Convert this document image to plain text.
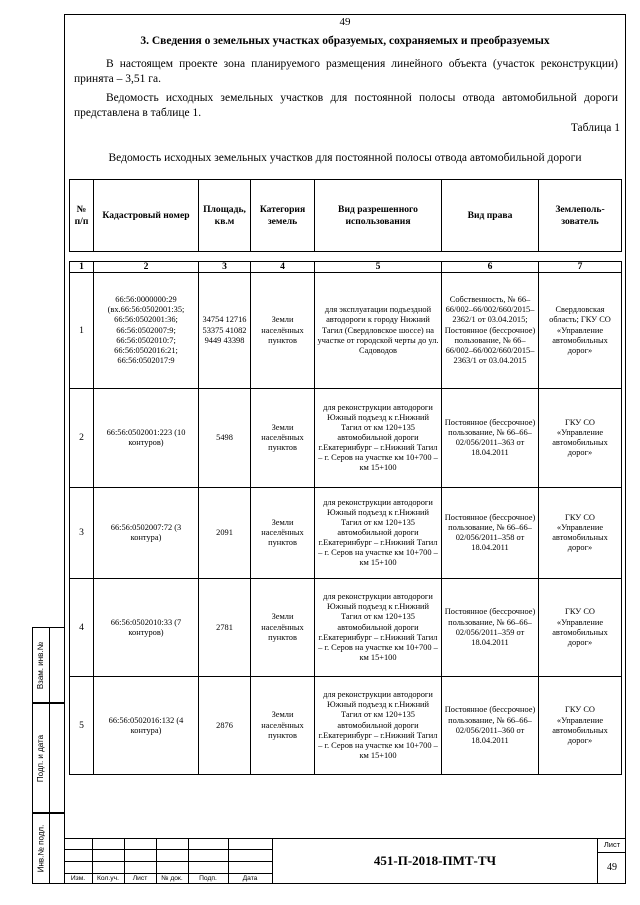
49
3. Сведения о земельных участках образуемых, сохраняемых и преобразуемых
В настоящем проекте зона планируемого размещения линейного объекта (участок реконструкции) принята – 3,51 га.
Ведомость исходных земельных участков для постоянной полосы отвода автомобильной дороги представлена в таблице 1.
Таблица 1
Ведомость исходных земельных участков для постоянной полосы отвода автомобильной дороги
№ п/п	Кадастровый номер	Площадь, кв.м	Категория земель	Вид разрешенного использования	Вид права	Землеполь-зователь

1	2	3	4	5	6	7
1	66:56:0000000:29 (вх.66:56:0502001:35; 66:56:0502001:36; 66:56:0502007:9; 66:56:0502010:7; 66:56:0502016:21; 66:56:0502017:9	34754 12716 53375 41082 9449 43398	Земли населённых пунктов	для эксплуатации подъездной автодороги к городу Нижний Тагил (Свердловское шоссе) на участке от городской черты до ул. Садоводов	Собственность, № 66–66/002–66/002/660/2015–2362/1 от 03.04.2015; Постоянное (бессрочное) пользование, № 66–66/002–66/002/660/2015–2363/1 от 03.04.2015	Свердловская область; ГКУ СО «Управление автомобильных дорог»
2	66:56:0502001:223 (10 контуров)	5498	Земли населённых пунктов	для реконструкции автодороги Южный подъезд к г.Нижний Тагил от км 120+135 автомобильной дороги г.Екатеринбург – г.Нижний Тагил – г. Серов на участке км 10+700 – км 15+100	Постоянное (бессрочное) пользование, № 66–66–02/056/2011–363 от 18.04.2011	ГКУ СО «Управление автомобильных дорог»
3	66:56:0502007:72 (3 контура)	2091	Земли населённых пунктов	для реконструкции автодороги Южный подъезд к г.Нижний Тагил от км 120+135 автомобильной дороги г.Екатеринбург – г.Нижний Тагил – г. Серов на участке км 10+700 – км 15+100	Постоянное (бессрочное) пользование, № 66–66–02/056/2011–358 от 18.04.2011	ГКУ СО «Управление автомобильных дорог»
4	66:56:0502010:33 (7 контуров)	2781	Земли населённых пунктов	для реконструкции автодороги Южный подъезд к г.Нижний Тагил от км 120+135 автомобильной дороги г.Екатеринбург – г.Нижний Тагил – г. Серов на участке км 10+700 – км 15+100	Постоянное (бессрочное) пользование, № 66–66–02/056/2011–359 от 18.04.2011	ГКУ СО «Управление автомобильных дорог»
5	66:56:0502016:132 (4 контура)	2876	Земли населённых пунктов	для реконструкции автодороги Южный подъезд к г.Нижний Тагил от км 120+135 автомобильной дороги г.Екатеринбург – г.Нижний Тагил – г. Серов на участке км 10+700 – км 15+100	Постоянное (бессрочное) пользование, № 66–66–02/056/2011–360 от 18.04.2011	ГКУ СО «Управление автомобильных дорог»
Взам. инв.№
Подп. и дата
Инв.№ подл.
Изм.	Кол.уч.	Лист	№ док.	Подп.	Дата
451-П-2018-ПМТ-ТЧ
Лист
49
